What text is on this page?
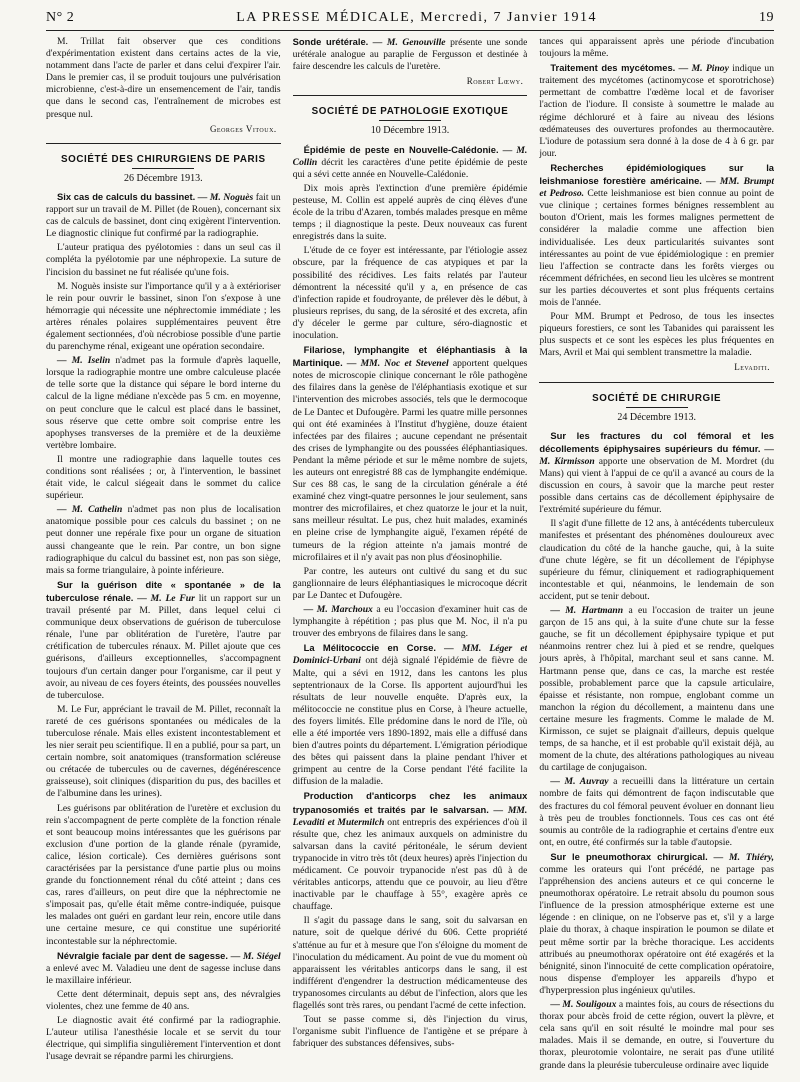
N° 2	LA PRESSE MÉDICALE, Mercredi, 7 Janvier 1914	19

M. Trillat fait observer que ces conditions d'expérimentation existent dans certains actes de la vie, notamment dans l'acte de parler et dans celui d'expirer l'air. Dans le premier cas, il se produit toujours une pulvérisation microbienne, c'est-à-dire un ensemencement de l'air, tandis que dans le second cas, l'entraînement de microbes est presque nul.

Georges Vitoux.
SOCIÉTÉ DES CHIRURGIENS DE PARIS
26 Décembre 1913.

Six cas de calculs du bassinet. — M. Noguès fait un rapport sur un travail de M. Pillet (de Rouen), concernant six cas de calculs de bassinet, dont cinq exigèrent l'intervention. Le diagnostic clinique fut confirmé par la radiographie.

L'auteur pratiqua des pyélotomies : dans un seul cas il compléta la pyélotomie par une néphropexie. La suture de l'incision du bassinet ne fut réalisée qu'une fois.

M. Noguès insiste sur l'importance qu'il y a à extérioriser le rein pour ouvrir le bassinet, sinon l'on s'expose à une hémorragie qui nécessite une néphrectomie immédiate ; les artères rénales polaires supplémentaires peuvent être également sectionnées, d'où nécrobiose possible d'une partie du parenchyme rénal, exigeant une opération secondaire.

— M. Iselin n'admet pas la formule d'après laquelle, lorsque la radiographie montre une ombre calculeuse placée de telle sorte que la distance qui sépare le bord interne du calcul de la ligne médiane n'excède pas 5 cm. en moyenne, on peut conclure que le calcul est placé dans le bassinet, sous réserve que cette ombre soit comprise entre les apophyses transverses de la première et de la deuxième vertèbre lombaire.

Il montre une radiographie dans laquelle toutes ces conditions sont réalisées ; or, à l'intervention, le bassinet était vide, le calcul siégeait dans le sommet du calice supérieur.

— M. Cathelin n'admet pas non plus de localisation anatomique possible pour ces calculs du bassinet ; on ne peut donner une repérale fixe pour un organe de situation aussi changeante que le rein. Par contre, un bon signe radiographique du calcul du bassinet est, non pas son siège, mais sa forme triangulaire, à pointe inférieure.

Sur la guérison dite « spontanée » de la tuberculose rénale. — M. Le Fur lit un rapport sur un travail présenté par M. Pillet, dans lequel celui ci communique deux observations de guérison de tuberculose rénale, l'une par oblitération de l'uretère, l'autre par crétification de tubercules rénaux. M. Pillet ajoute que ces guérisons, d'ailleurs exceptionnelles, s'accompagnent toujours d'un certain danger pour l'organisme, car il peut y avoir, au niveau de ces foyers éteints, des poussées nouvelles de tuberculose.

M. Le Fur, appréciant le travail de M. Pillet, reconnaît la rareté de ces guérisons spontanées ou médicales de la tuberculose rénale. Mais elles existent incontestablement et les nier serait peu scientifique. Il en a publié, pour sa part, un certain nombre, soit anatomiques (transformation scléreuse ou crétacée de tubercules ou de cavernes, dégénérescence graisseuse), soit cliniques (disparition du pus, des bacilles et de l'albumine dans les urines).

Les guérisons par oblitération de l'uretère et exclusion du rein s'accompagnent de perte complète de la fonction rénale et sont beaucoup moins intéressantes que les guérisons par exclusion d'une portion de la glande rénale (pyramide, calice, lésion corticale). Ces dernières guérisons sont caractérisées par la persistance d'une partie plus ou moins grande du fonctionnement rénal du côté atteint ; dans ces cas, rares d'ailleurs, on peut dire que la néphrectomie ne s'imposait pas, qu'elle était même contre-indiquée, puisque les malades ont guéri en gardant leur rein, encore utile dans une certaine mesure, ce qui constitue une supériorité incontestable sur la néphrectomie.

Névralgie faciale par dent de sagesse. — M. Siégel a enlevé avec M. Valadieu une dent de sagesse incluse dans le maxillaire inférieur.

Cette dent déterminait, depuis sept ans, des névralgies violentes, chez une femme de 40 ans.

Le diagnostic avait été confirmé par la radiographie. L'auteur utilisa l'anesthésie locale et se servit du tour électrique, qui simplifia singulièrement l'intervention et dont l'usage devrait se répandre parmi les chirurgiens.

Sonde urétérale. — M. Genouville présente une sonde urétérale analogue au paraplie de Fergusson et destinée à faire descendre les calculs de l'uretère.

Robert Lœwy.
SOCIÉTÉ DE PATHOLOGIE EXOTIQUE
10 Décembre 1913.

Épidémie de peste en Nouvelle-Calédonie. — M. Collin décrit les caractères d'une petite épidémie de peste qui a sévi cette année en Nouvelle-Calédonie.

Dix mois après l'extinction d'une première épidémie pesteuse, M. Collin est appelé auprès de cinq élèves d'une école de la tribu d'Azaren, tombés malades presque en même temps ; il diagnostique la peste. Deux nouveaux cas furent enregistrés dans la suite.

L'étude de ce foyer est intéressante, par l'étiologie assez obscure, par la fréquence de cas atypiques et par la possibilité des récidives. Les faits relatés par l'auteur démontrent la nécessité qu'il y a, en présence de cas d'infection rapide et foudroyante, de prélever dès le début, à plusieurs reprises, du sang, de la sérosité et des excreta, afin d'y déceler le germe par culture, séro-diagnostic et inoculation.

Filariose, lymphangite et éléphantiasis à la Martinique. — MM. Noc et Stevenel apportent quelques notes de microscopie clinique concernant le rôle pathogène des filaires dans la genèse de l'éléphantiasis exotique et sur l'intervention des microbes associés, tels que le dermocoque de Le Dantec et Dufougère. Parmi les quatre mille personnes qui ont été examinées à l'Institut d'hygiène, douze étaient infectées par des filaires ; aucune cependant ne présentait des crises de lymphangite ou des poussées éléphantiasiques. Pendant la même période et sur le même nombre de sujets, les auteurs ont enregistré 88 cas de lymphangite endémique. Sur ces 88 cas, le sang de la circulation générale a été examiné chez vingt-quatre personnes le jour seulement, sans montrer des microfilaires, et chez quatorze le jour et la nuit, sans meilleur résultat. Le pus, chez huit malades, examinés en pleine crise de lymphangite aiguë, l'examen répété de tumeurs de la région atteinte n'a jamais montré de microfilaires et il n'y avait pas non plus d'éosinophilie.

Par contre, les auteurs ont cultivé du sang et du suc ganglionnaire de leurs éléphantiasiques le microcoque décrit par Le Dantec et Dufougère.

— M. Marchoux a eu l'occasion d'examiner huit cas de lymphangite à répétition ; pas plus que M. Noc, il n'a pu trouver des embryons de filaires dans le sang.

La Mélitococcie en Corse. — MM. Léger et Dominici-Urbani ont déjà signalé l'épidémie de fièvre de Malte, qui a sévi en 1912, dans les cantons les plus septentrionaux de la Corse. Ils apportent aujourd'hui les résultats de leur nouvelle enquête. D'après eux, la mélitococcie ne constitue plus en Corse, à l'heure actuelle, des foyers limités. Elle prédomine dans le nord de l'île, où elle a été importée vers 1890-1892, mais elle a diffusé dans bien d'autres points du département. L'émigration périodique des bêtes qui paissent dans la plaine pendant l'hiver et grimpent au centre de la Corse pendant l'été facilite la diffusion de la maladie.

Production d'anticorps chez les animaux trypanosomiés et traités par le salvarsan. — MM. Levaditi et Mutermilch ont entrepris des expériences d'où il résulte que, chez les animaux auxquels on administre du salvarsan dans la cavité péritonéale, le sérum devient trypanocide in vitro très tôt (deux heures) après l'injection du médicament. Ce pouvoir trypanocide n'est pas dû à de véritables anticorps, attendu que ce pouvoir, au lieu d'être inactivable par le chauffage à 55°, exagère après ce chauffage.

Il s'agit du passage dans le sang, soit du salvarsan en nature, soit de quelque dérivé du 606. Cette propriété s'atténue au fur et à mesure que l'on s'éloigne du moment de l'inoculation du médicament. Au point de vue du moment où apparaissent les véritables anticorps dans le sang, il est indifférent d'engendrer la destruction médicamenteuse des trypanosomes circulants au début de l'infection, alors que les flagellés sont très rares, ou pendant l'acmé de cette infection.

Tout se passe comme si, dès l'injection du virus, l'organisme subit l'influence de l'antigène et se prépare à fabriquer des substances défensives, subs-

tances qui apparaissent après une période d'incubation toujours la même.

Traitement des mycétomes. — M. Pinoy indique un traitement des mycétomes (actinomycose et sporotrichose) permettant de combattre l'œdème local et de favoriser l'action de l'iodure. Il consiste à soumettre le malade au régime déchloruré et à faire au niveau des lésions œdémateuses des ouvertures profondes au thermocautère. L'iodure de potassium sera donné à la dose de 4 à 6 gr. par jour.

Recherches épidémiologiques sur la leishmaniose forestière américaine. — MM. Brumpt et Pedroso. Cette leishmaniose est bien connue au point de vue clinique ; certaines formes bénignes ressemblent au bouton d'Orient, mais les formes malignes permettent de considérer la maladie comme une affection bien individualisée. Les deux particularités suivantes sont intéressantes au point de vue épidémiologique : en premier lieu l'affection se contracte dans les forêts vierges ou récemment défrichées, en second lieu les ulcères se montrent sur les parties découvertes et sont plus fréquents certains mois de l'année.

Pour MM. Brumpt et Pedroso, de tous les insectes piqueurs forestiers, ce sont les Tabanides qui paraissent les plus suspects et ce sont les espèces les plus fréquentes en Mars, Avril et Mai qui semblent transmettre la maladie.

Levaditi.
SOCIÉTÉ DE CHIRURGIE
24 Décembre 1913.

Sur les fractures du col fémoral et les décollements épiphysaires supérieurs du fémur. — M. Kirmisson apporte une observation de M. Mordret (du Mans) qui vient à l'appui de ce qu'il a avancé au cours de la discussion en cours, à savoir que la marche peut rester possible dans certains cas de décollement épiphysaire de l'extrémité supérieure du fémur.

Il s'agit d'une fillette de 12 ans, à antécédents tuberculeux manifestes et présentant des phénomènes douloureux avec claudication du côté de la hanche gauche, qui, à la suite d'une chute légère, se fit un décollement de l'épiphyse supérieure du fémur, cliniquement et radiographiquement incontestable et qui, néanmoins, le lendemain de son accident, put se tenir debout.

— M. Hartmann a eu l'occasion de traiter un jeune garçon de 15 ans qui, à la suite d'une chute sur la fesse gauche, se fit un décollement épiphysaire typique et put néanmoins rentrer chez lui à pied et se rendre, quelques jours après, à l'hôpital, marchant seul et sans canne. M. Hartmann pense que, dans ce cas, la marche est restée possible, probablement parce que la capsule articulaire, épaisse et résistante, non rompue, englobant comme un manchon la région du décollement, a maintenu dans une certaine mesure les fragments. Comme le malade de M. Kirmisson, ce sujet se plaignait d'ailleurs, depuis quelque temps, de sa hanche, et il est probable qu'il existait déjà, au moment de la chute, des altérations pathologiques au niveau du cartilage de conjugaison.

— M. Auvray a recueilli dans la littérature un certain nombre de faits qui démontrent de façon indiscutable que des fractures du col fémoral peuvent évoluer en donnant lieu à très peu de troubles fonctionnels. Tous ces cas ont été soumis au contrôle de la radiographie et certains d'entre eux ont, en outre, été confirmés sur la table d'autopsie.

Sur le pneumothorax chirurgical. — M. Thiéry, comme les orateurs qui l'ont précédé, ne partage pas l'appréhension des anciens auteurs et ce qui concerne le pneumothorax opératoire. Le retrait absolu du poumon sous l'influence de la pression atmosphérique externe est une légende : en clinique, on ne l'observe pas et, s'il y a large plaie du thorax, à chaque inspiration le poumon se dilate et peut même sortir par la brèche thoracique. Les accidents attribués au pneumothorax opératoire ont été exagérés et la bénignité, sinon l'innocuité de cette complication opératoire, nous dispense d'employer les appareils d'hypo et d'hyperpression plus ingénieux qu'utiles.

— M. Souligoux a maintes fois, au cours de résections du thorax pour abcès froid de cette région, ouvert la plèvre, et cela sans qu'il en soit résulté le moindre mal pour ses malades. Mais il se demande, en outre, si l'ouverture du thorax, pleurotomie volontaire, ne serait pas d'une utilité grande dans la pleurésie tuberculeuse ordinaire avec liquide
